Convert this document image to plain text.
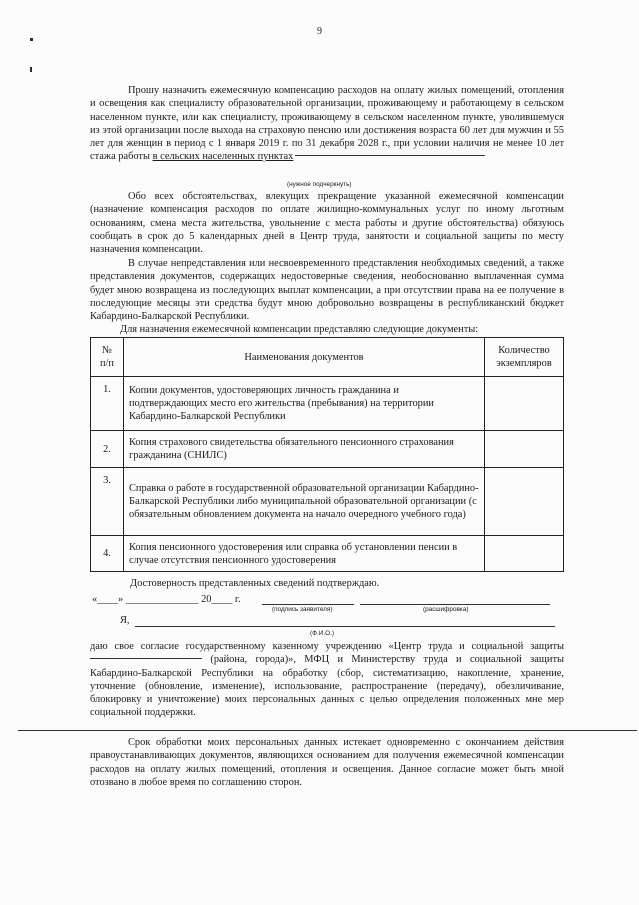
9

Прошу назначить ежемесячную компенсацию расходов на оплату жилых помещений, отопления и освещения как специалисту образовательной организации, проживающему и работающему в сельском населенном пункте, или как специалисту, проживающему в сельском населенном пункте, уволившемуся из этой организации после выхода на страховую пенсию или достижения возраста 60 лет для мужчин и 55 лет для женщин в период с 1 января 2019 г. по 31 декабря 2028 г., при условии наличия не менее 10 лет стажа работы в сельских населенных пунктах

(нужное подчеркнуть)

Обо всех обстоятельствах, влекущих прекращение указанной ежемесячной компенсации (назначение компенсация расходов по оплате жилищно-коммунальных услуг по иному льготным основаниям, смена места жительства, увольнение с места работы и другие обстоятельства) обязуюсь сообщать в срок до 5 календарных дней в Центр труда, занятости и социальной защиты по месту назначения компенсации.

В случае непредставления или несвоевременного представления необходимых сведений, а также представления документов, содержащих недостоверные сведения, необоснованно выплаченная сумма будет мною возвращена из последующих выплат компенсации, а при отсутствии права на ее получение в последующие месяцы эти средства будут мною добровольно возвращены в республиканский бюджет Кабардино-Балкарской Республики.

Для назначения ежемесячной компенсации представляю следующие документы:
№
п/п	Наименования документов	Количество экземпляров
1.	Копии документов, удостоверяющих личность гражданина и подтверждающих место его жительства (пребывания) на территории Кабардино-Балкарской Республики	
2.	Копия страхового свидетельства обязательного пенсионного страхования гражданина (СНИЛС)	
3.	Справка о работе в государственной образовательной организации Кабардино-Балкарской Республики либо муниципальной образовательной организации (с обязательным обновлением документа на начало очередного учебного года)	
4.	Копия пенсионного удостоверения или справка об установлении пенсии в случае отсутствия пенсионного удостоверения	
Достоверность представленных сведений подтверждаю.
«____» ______________ 20____ г.
(подпись заявителя)	(расшифровка)
Я,
(Ф.И.О.)

даю свое согласие государственному казенному учреждению «Центр труда и социальной защиты  (района, города)», МФЦ и Министерству труда и социальной защиты Кабардино-Балкарской Республики на обработку (сбор, систематизацию, накопление, хранение, уточнение (обновление, изменение), использование, распространение (передачу), обезличивание, блокировку и уничтожение) моих персональных данных с целью определения положенных мне мер социальной поддержки.

Срок обработки моих персональных данных истекает одновременно с окончанием действия правоустанавливающих документов, являющихся основанием для получения ежемесячной компенсации расходов на оплату жилых помещений, отопления и освещения. Данное согласие может быть мной отозвано в любое время по соглашению сторон.
